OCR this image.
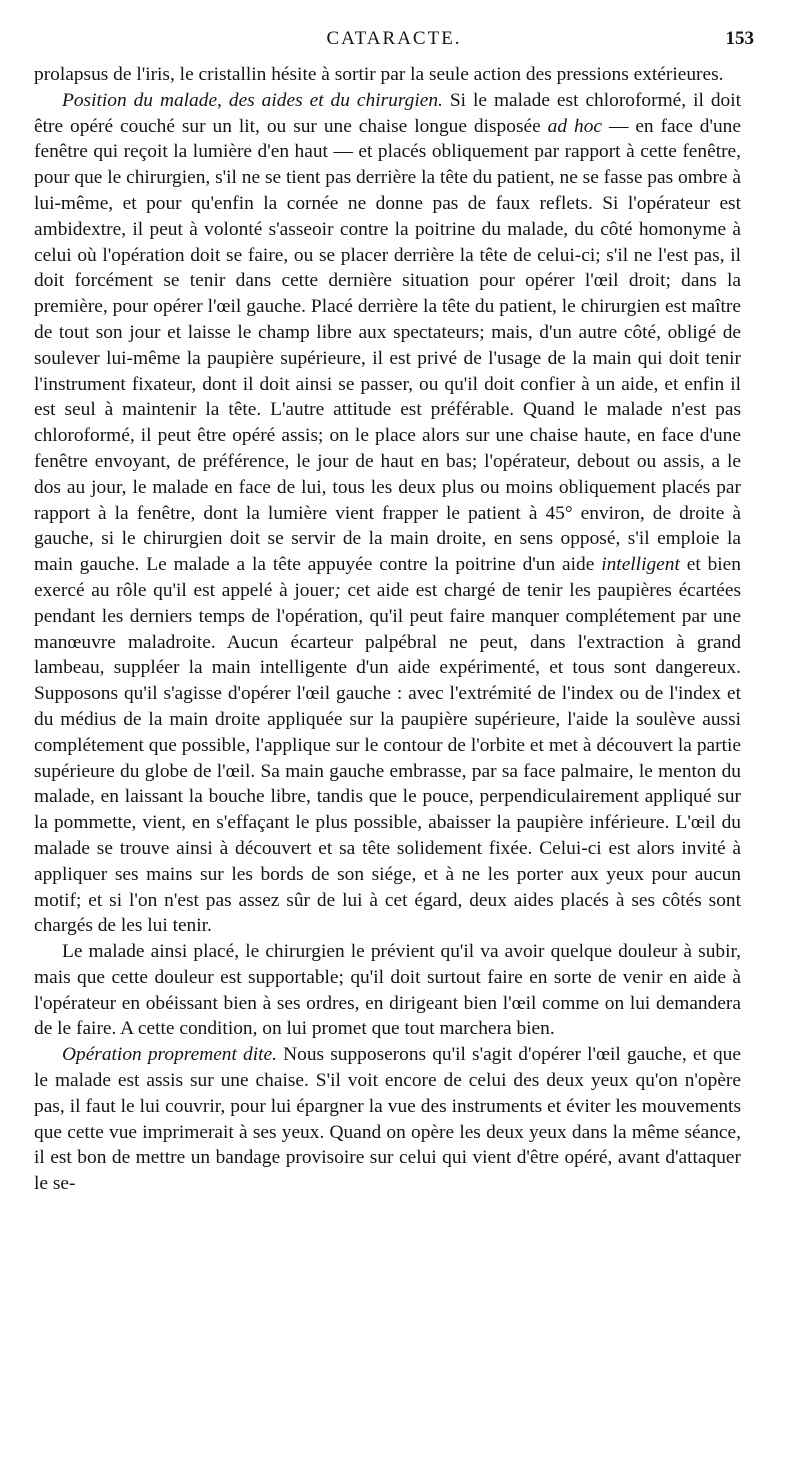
CATARACTE.	153

prolapsus de l'iris, le cristallin hésite à sortir par la seule action des pressions extérieures.

Position du malade, des aides et du chirurgien. Si le malade est chloroformé, il doit être opéré couché sur un lit, ou sur une chaise longue disposée ad hoc — en face d'une fenêtre qui reçoit la lumière d'en haut — et placés obliquement par rapport à cette fenêtre, pour que le chirurgien, s'il ne se tient pas derrière la tête du patient, ne se fasse pas ombre à lui-même, et pour qu'enfin la cornée ne donne pas de faux reflets. Si l'opérateur est ambidextre, il peut à volonté s'asseoir contre la poitrine du malade, du côté homonyme à celui où l'opération doit se faire, ou se placer derrière la tête de celui-ci; s'il ne l'est pas, il doit forcément se tenir dans cette dernière situation pour opérer l'œil droit; dans la première, pour opérer l'œil gauche. Placé derrière la tête du patient, le chirurgien est maître de tout son jour et laisse le champ libre aux spectateurs; mais, d'un autre côté, obligé de soulever lui-même la paupière supérieure, il est privé de l'usage de la main qui doit tenir l'instrument fixateur, dont il doit ainsi se passer, ou qu'il doit confier à un aide, et enfin il est seul à maintenir la tête. L'autre attitude est préférable. Quand le malade n'est pas chloroformé, il peut être opéré assis; on le place alors sur une chaise haute, en face d'une fenêtre envoyant, de préférence, le jour de haut en bas; l'opérateur, debout ou assis, a le dos au jour, le malade en face de lui, tous les deux plus ou moins obliquement placés par rapport à la fenêtre, dont la lumière vient frapper le patient à 45° environ, de droite à gauche, si le chirurgien doit se servir de la main droite, en sens opposé, s'il emploie la main gauche. Le malade a la tête appuyée contre la poitrine d'un aide intelligent et bien exercé au rôle qu'il est appelé à jouer; cet aide est chargé de tenir les paupières écartées pendant les derniers temps de l'opération, qu'il peut faire manquer complétement par une manœuvre maladroite. Aucun écarteur palpébral ne peut, dans l'extraction à grand lambeau, suppléer la main intelligente d'un aide expérimenté, et tous sont dangereux. Supposons qu'il s'agisse d'opérer l'œil gauche : avec l'extrémité de l'index ou de l'index et du médius de la main droite appliquée sur la paupière supérieure, l'aide la soulève aussi complétement que possible, l'applique sur le contour de l'orbite et met à découvert la partie supérieure du globe de l'œil. Sa main gauche embrasse, par sa face palmaire, le menton du malade, en laissant la bouche libre, tandis que le pouce, perpendiculairement appliqué sur la pommette, vient, en s'effaçant le plus possible, abaisser la paupière inférieure. L'œil du malade se trouve ainsi à découvert et sa tête solidement fixée. Celui-ci est alors invité à appliquer ses mains sur les bords de son siége, et à ne les porter aux yeux pour aucun motif; et si l'on n'est pas assez sûr de lui à cet égard, deux aides placés à ses côtés sont chargés de les lui tenir.

Le malade ainsi placé, le chirurgien le prévient qu'il va avoir quelque douleur à subir, mais que cette douleur est supportable; qu'il doit surtout faire en sorte de venir en aide à l'opérateur en obéissant bien à ses ordres, en dirigeant bien l'œil comme on lui demandera de le faire. A cette condition, on lui promet que tout marchera bien.

Opération proprement dite. Nous supposerons qu'il s'agit d'opérer l'œil gauche, et que le malade est assis sur une chaise. S'il voit encore de celui des deux yeux qu'on n'opère pas, il faut le lui couvrir, pour lui épargner la vue des instruments et éviter les mouvements que cette vue imprimerait à ses yeux. Quand on opère les deux yeux dans la même séance, il est bon de mettre un bandage provisoire sur celui qui vient d'être opéré, avant d'attaquer le se-
